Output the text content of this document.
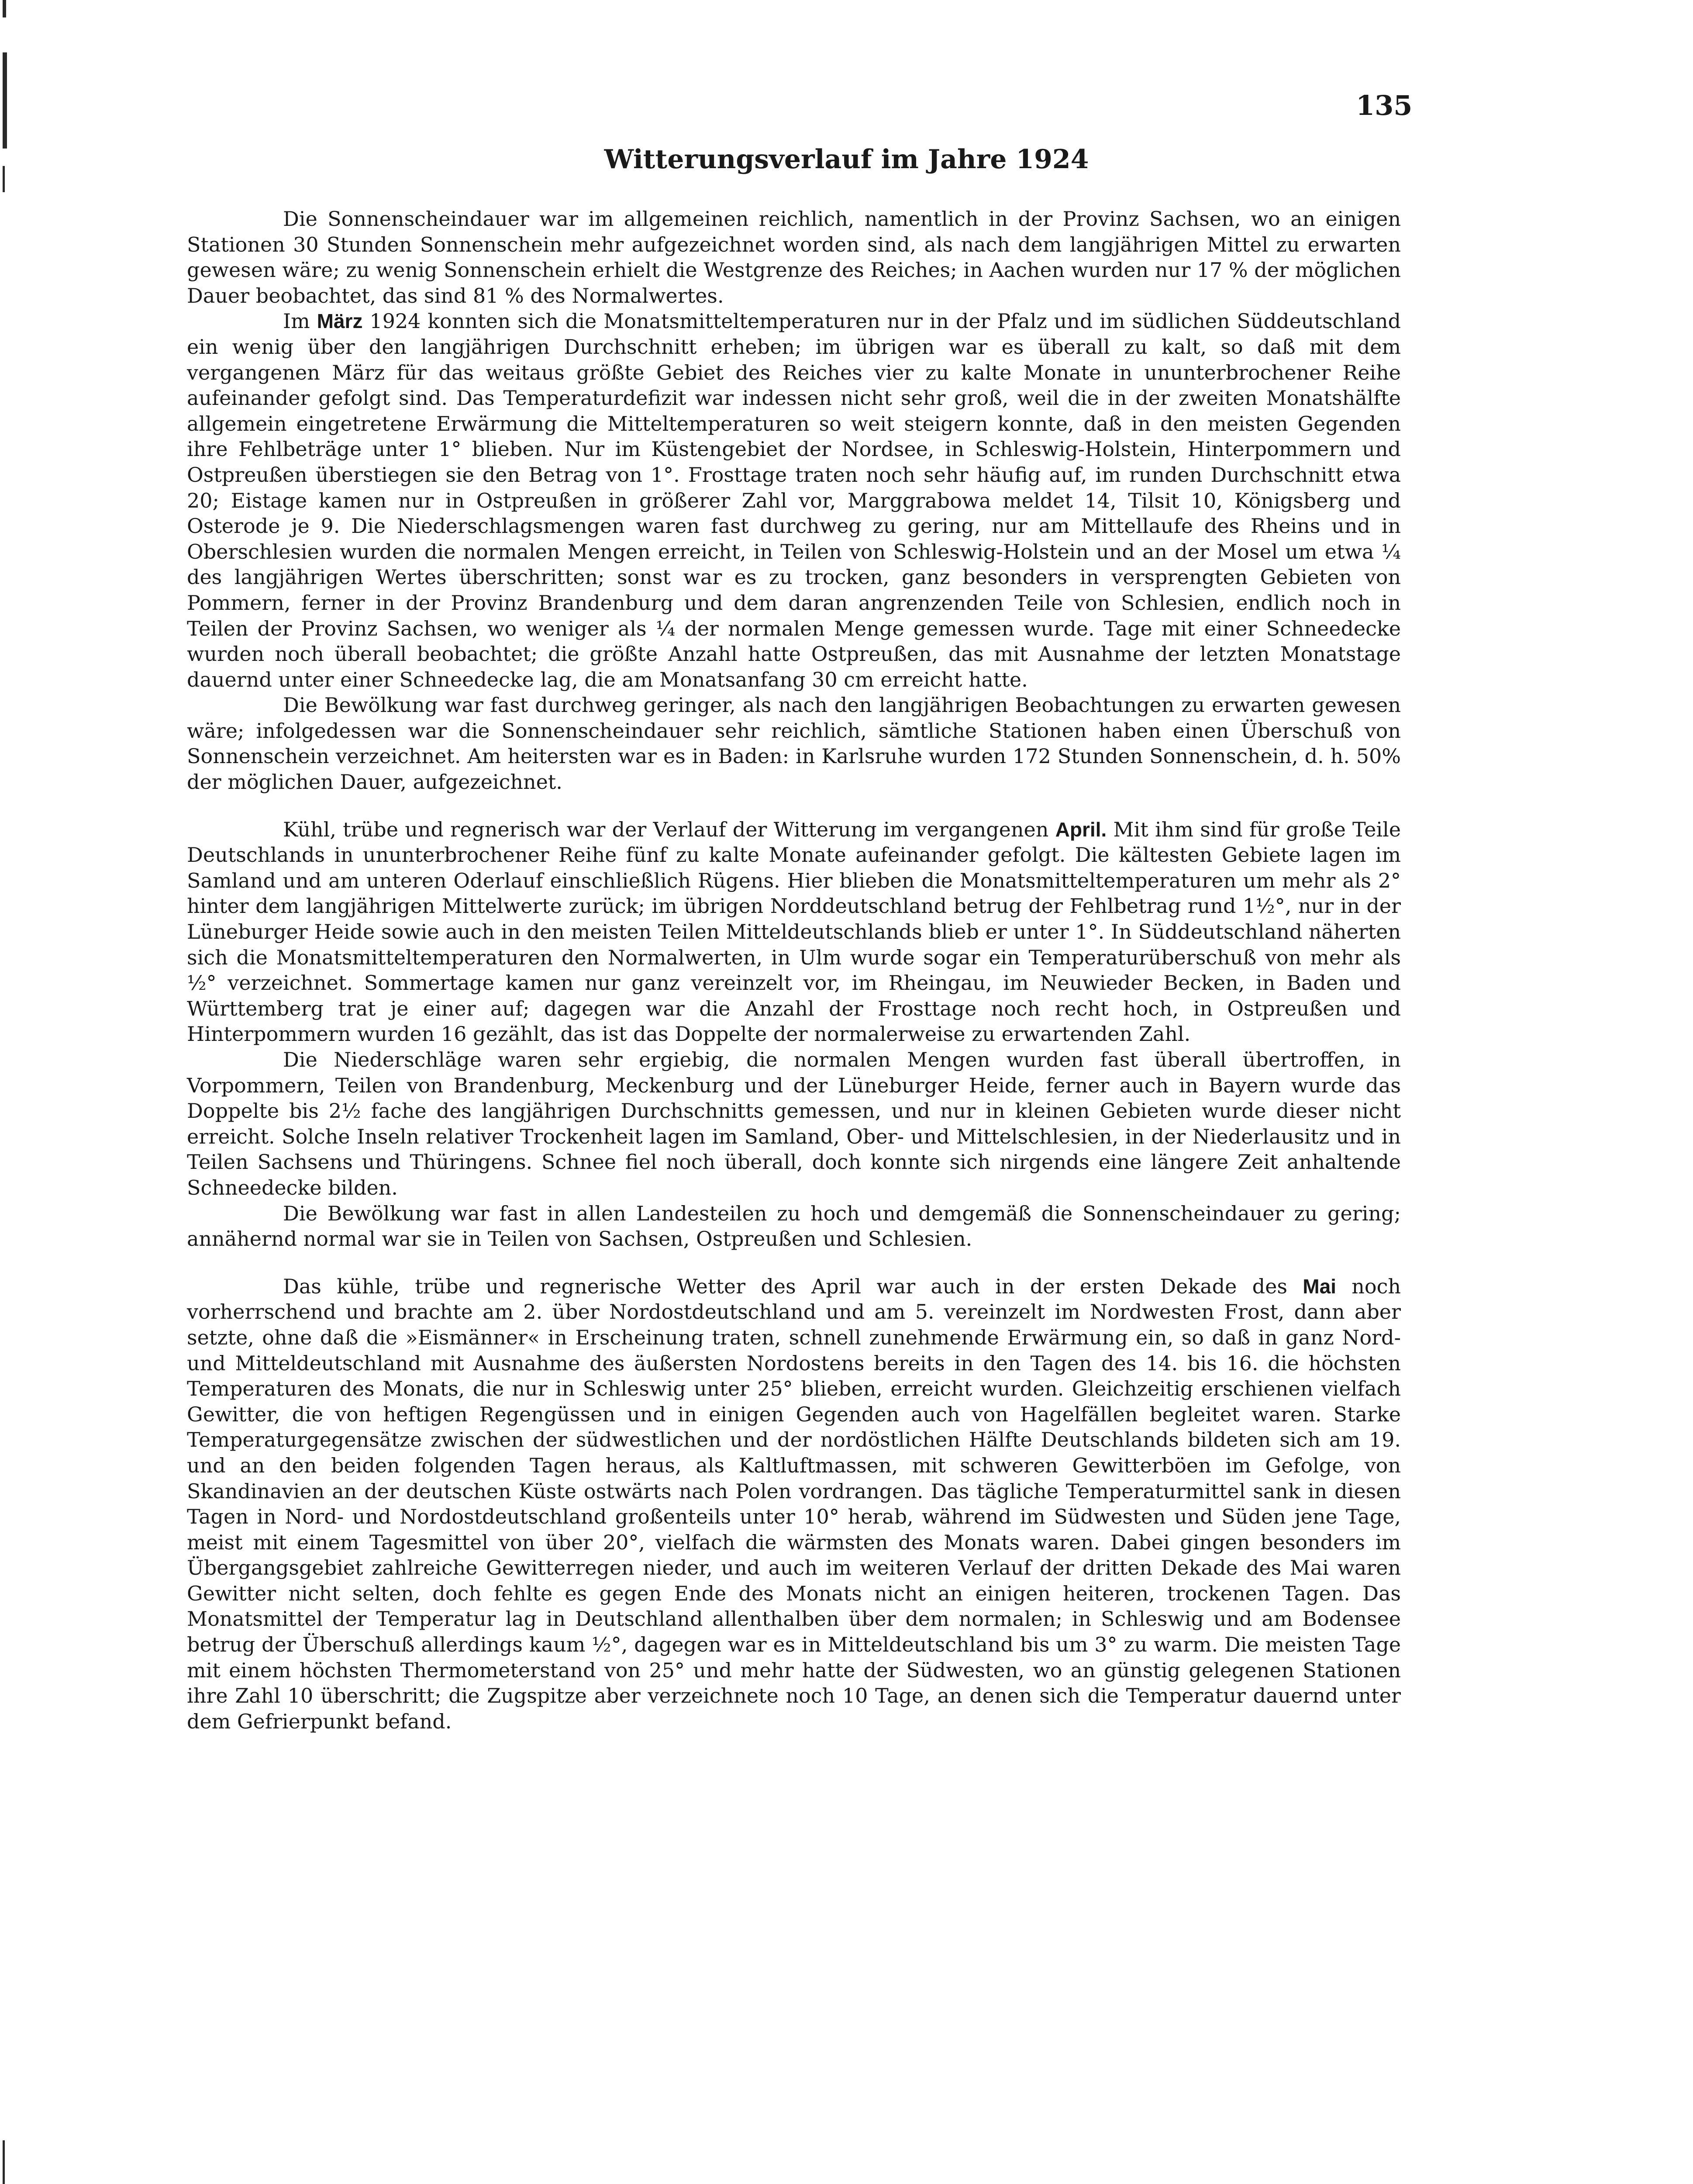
135
Witterungsverlauf im Jahre 1924

Die Sonnenscheindauer war im allgemeinen reichlich, namentlich in der Provinz Sachsen, wo an einigen Stationen 30 Stunden Sonnenschein mehr aufgezeichnet worden sind, als nach dem langjährigen Mittel zu erwarten gewesen wäre; zu wenig Sonnenschein erhielt die Westgrenze des Reiches; in Aachen wurden nur 17 % der möglichen Dauer beobachtet, das sind 81 % des Normalwertes.

Im März 1924 konnten sich die Monatsmitteltemperaturen nur in der Pfalz und im südlichen Süddeutschland ein wenig über den langjährigen Durchschnitt erheben; im übrigen war es überall zu kalt, so daß mit dem vergangenen März für das weitaus größte Gebiet des Reiches vier zu kalte Monate in ununterbrochener Reihe aufeinander gefolgt sind. Das Temperaturdefizit war indessen nicht sehr groß, weil die in der zweiten Monatshälfte allgemein eingetretene Erwärmung die Mitteltemperaturen so weit steigern konnte, daß in den meisten Gegenden ihre Fehlbeträge unter 1° blieben. Nur im Küstengebiet der Nordsee, in Schleswig-Holstein, Hinterpommern und Ostpreußen überstiegen sie den Betrag von 1°. Frosttage traten noch sehr häufig auf, im runden Durchschnitt etwa 20; Eistage kamen nur in Ostpreußen in größerer Zahl vor, Marggrabowa meldet 14, Tilsit 10, Königsberg und Osterode je 9. Die Niederschlagsmengen waren fast durchweg zu gering, nur am Mittellaufe des Rheins und in Oberschlesien wurden die normalen Mengen erreicht, in Teilen von Schleswig-Holstein und an der Mosel um etwa ¼ des langjährigen Wertes überschritten; sonst war es zu trocken, ganz besonders in versprengten Gebieten von Pommern, ferner in der Provinz Brandenburg und dem daran angrenzenden Teile von Schlesien, endlich noch in Teilen der Provinz Sachsen, wo weniger als ¼ der normalen Menge gemessen wurde. Tage mit einer Schneedecke wurden noch überall beobachtet; die größte Anzahl hatte Ostpreußen, das mit Ausnahme der letzten Monatstage dauernd unter einer Schneedecke lag, die am Monatsanfang 30 cm erreicht hatte.

Die Bewölkung war fast durchweg geringer, als nach den langjährigen Beobachtungen zu erwarten gewesen wäre; infolgedessen war die Sonnenscheindauer sehr reichlich, sämtliche Stationen haben einen Überschuß von Sonnenschein verzeichnet. Am heitersten war es in Baden: in Karlsruhe wurden 172 Stunden Sonnenschein, d. h. 50% der möglichen Dauer, aufgezeichnet.

Kühl, trübe und regnerisch war der Verlauf der Witterung im vergangenen April. Mit ihm sind für große Teile Deutschlands in ununterbrochener Reihe fünf zu kalte Monate aufeinander gefolgt. Die kältesten Gebiete lagen im Samland und am unteren Oderlauf einschließlich Rügens. Hier blieben die Monatsmitteltemperaturen um mehr als 2° hinter dem langjährigen Mittelwerte zurück; im übrigen Norddeutschland betrug der Fehlbetrag rund 1½°, nur in der Lüneburger Heide sowie auch in den meisten Teilen Mitteldeutschlands blieb er unter 1°. In Süddeutschland näherten sich die Monatsmitteltemperaturen den Normalwerten, in Ulm wurde sogar ein Temperaturüberschuß von mehr als ½° verzeichnet. Sommertage kamen nur ganz vereinzelt vor, im Rheingau, im Neuwieder Becken, in Baden und Württemberg trat je einer auf; dagegen war die Anzahl der Frosttage noch recht hoch, in Ostpreußen und Hinterpommern wurden 16 gezählt, das ist das Doppelte der normalerweise zu erwartenden Zahl.

Die Niederschläge waren sehr ergiebig, die normalen Mengen wurden fast überall übertroffen, in Vorpommern, Teilen von Brandenburg, Meckenburg und der Lüneburger Heide, ferner auch in Bayern wurde das Doppelte bis 2½ fache des langjährigen Durchschnitts gemessen, und nur in kleinen Gebieten wurde dieser nicht erreicht. Solche Inseln relativer Trockenheit lagen im Samland, Ober- und Mittelschlesien, in der Niederlausitz und in Teilen Sachsens und Thüringens. Schnee fiel noch überall, doch konnte sich nirgends eine längere Zeit anhaltende Schneedecke bilden.

Die Bewölkung war fast in allen Landesteilen zu hoch und demgemäß die Sonnenscheindauer zu gering; annähernd normal war sie in Teilen von Sachsen, Ostpreußen und Schlesien.

Das kühle, trübe und regnerische Wetter des April war auch in der ersten Dekade des Mai noch vorherrschend und brachte am 2. über Nordostdeutschland und am 5. vereinzelt im Nordwesten Frost, dann aber setzte, ohne daß die »Eismänner« in Erscheinung traten, schnell zunehmende Erwärmung ein, so daß in ganz Nord- und Mitteldeutschland mit Ausnahme des äußersten Nordostens bereits in den Tagen des 14. bis 16. die höchsten Temperaturen des Monats, die nur in Schleswig unter 25° blieben, erreicht wurden. Gleichzeitig erschienen vielfach Gewitter, die von heftigen Regengüssen und in einigen Gegenden auch von Hagelfällen begleitet waren. Starke Temperaturgegensätze zwischen der südwestlichen und der nordöstlichen Hälfte Deutschlands bildeten sich am 19. und an den beiden folgenden Tagen heraus, als Kaltluftmassen, mit schweren Gewitterböen im Gefolge, von Skandinavien an der deutschen Küste ostwärts nach Polen vordrangen. Das tägliche Temperaturmittel sank in diesen Tagen in Nord- und Nordostdeutschland großenteils unter 10° herab, während im Südwesten und Süden jene Tage, meist mit einem Tagesmittel von über 20°, vielfach die wärmsten des Monats waren. Dabei gingen besonders im Übergangsgebiet zahlreiche Gewitterregen nieder, und auch im weiteren Verlauf der dritten Dekade des Mai waren Gewitter nicht selten, doch fehlte es gegen Ende des Monats nicht an einigen heiteren, trockenen Tagen. Das Monatsmittel der Temperatur lag in Deutschland allenthalben über dem normalen; in Schleswig und am Bodensee betrug der Überschuß allerdings kaum ½°, dagegen war es in Mitteldeutschland bis um 3° zu warm. Die meisten Tage mit einem höchsten Thermometerstand von 25° und mehr hatte der Südwesten, wo an günstig gelegenen Stationen ihre Zahl 10 überschritt; die Zugspitze aber verzeichnete noch 10 Tage, an denen sich die Temperatur dauernd unter dem Gefrierpunkt befand.
